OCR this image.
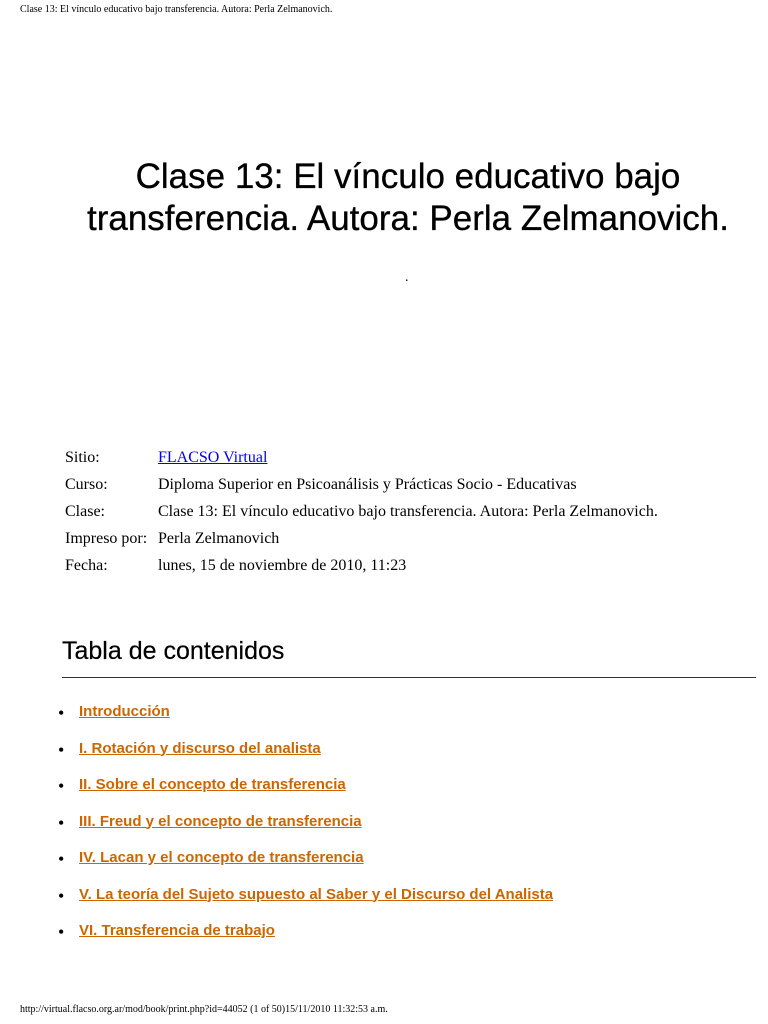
Clase 13: El vínculo educativo bajo transferencia. Autora: Perla Zelmanovich.
Clase 13: El vínculo educativo bajo
transferencia. Autora: Perla Zelmanovich.
.
Sitio:	FLACSO Virtual
Curso:	Diploma Superior en Psicoanálisis y Prácticas Socio - Educativas
Clase:	Clase 13: El vínculo educativo bajo transferencia. Autora: Perla Zelmanovich.
Impreso por:	Perla Zelmanovich
Fecha:	lunes, 15 de noviembre de 2010, 11:23
Tabla de contenidos
• Introducción
• I. Rotación y discurso del analista
• II. Sobre el concepto de transferencia
• III. Freud y el concepto de transferencia
• IV. Lacan y el concepto de transferencia
• V. La teoría del Sujeto supuesto al Saber y el Discurso del Analista
• VI. Transferencia de trabajo
http://virtual.flacso.org.ar/mod/book/print.php?id=44052 (1 of 50)15/11/2010 11:32:53 a.m.
